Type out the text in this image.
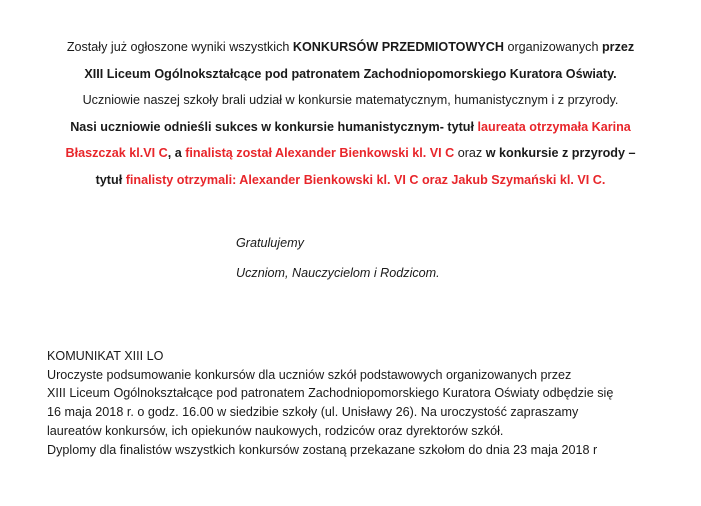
Zostały już ogłoszone wyniki wszystkich KONKURSÓW PRZEDMIOTOWYCH organizowanych przez

XIII Liceum Ogólnokształcące pod patronatem Zachodniopomorskiego Kuratora Oświaty.

Uczniowie naszej szkoły brali udział w konkursie matematycznym, humanistycznym i z przyrody.

Nasi uczniowie odnieśli sukces w konkursie humanistycznym- tytuł laureata otrzymała Karina

Błaszczak kl.VI C, a finalistą został Alexander Bienkowski kl. VI C oraz w konkursie z przyrody –

tytuł finalisty otrzymali: Alexander Bienkowski kl. VI C oraz Jakub Szymański kl. VI C.

Gratulujemy

Uczniom, Nauczycielom i Rodzicom.

KOMUNIKAT XIII LO

Uroczyste podsumowanie konkursów dla uczniów szkół podstawowych organizowanych przez

XIII Liceum Ogólnokształcące pod patronatem Zachodniopomorskiego Kuratora Oświaty odbędzie się

16 maja 2018 r. o godz. 16.00 w siedzibie szkoły (ul. Unisławy 26). Na uroczystość zapraszamy

laureatów konkursów, ich opiekunów naukowych, rodziców oraz dyrektorów szkół.

Dyplomy dla finalistów wszystkich konkursów zostaną przekazane szkołom do dnia 23 maja 2018 r
